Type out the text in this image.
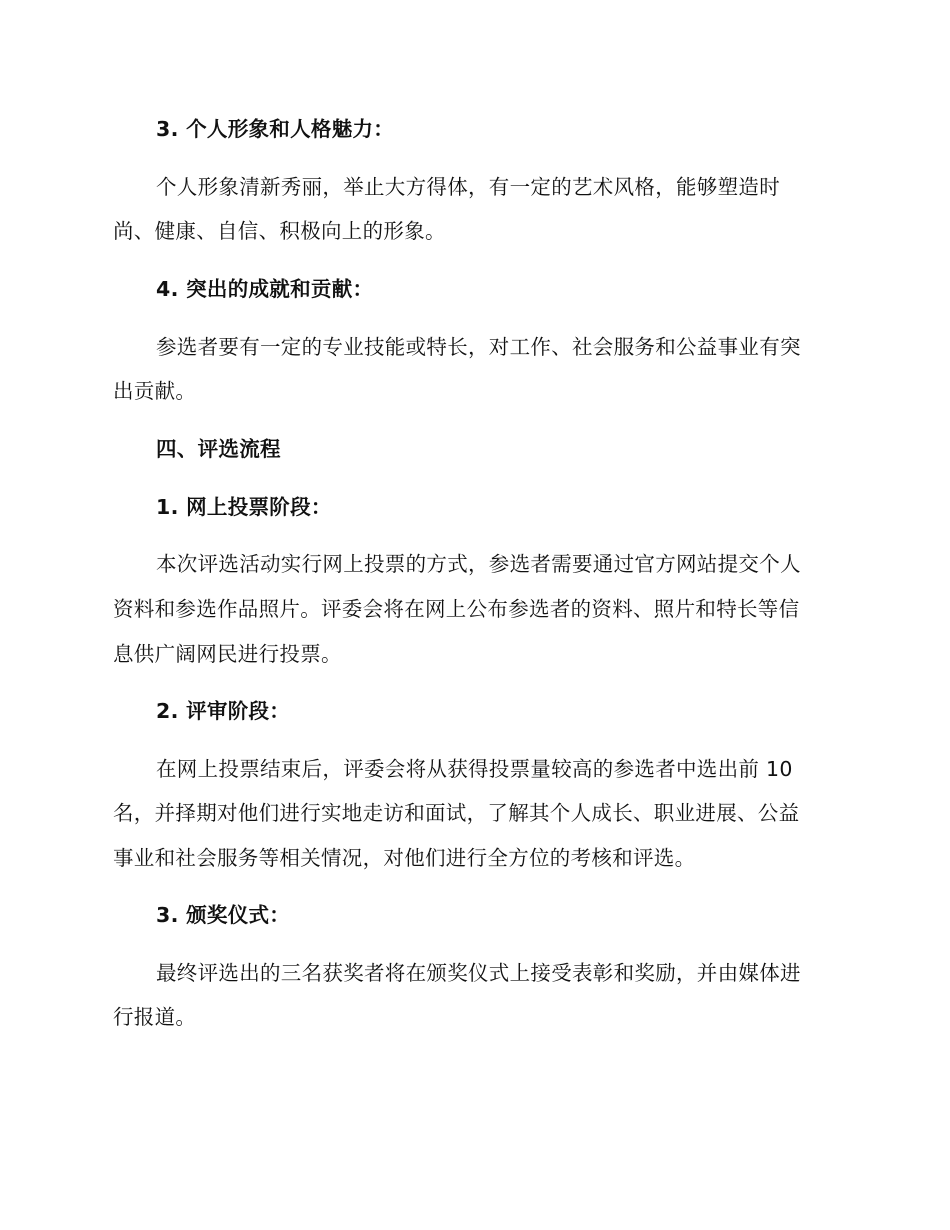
3. 个人形象和人格魅力：
个人形象清新秀丽，举止大方得体，有一定的艺术风格，能够塑造时
尚、健康、自信、积极向上的形象。
4. 突出的成就和贡献：
参选者要有一定的专业技能或特长，对工作、社会服务和公益事业有突
出贡献。
四、评选流程
1. 网上投票阶段：
本次评选活动实行网上投票的方式，参选者需要通过官方网站提交个人
资料和参选作品照片。评委会将在网上公布参选者的资料、照片和特长等信
息供广阔网民进行投票。
2. 评审阶段：
在网上投票结束后，评委会将从获得投票量较高的参选者中选出前 10
名，并择期对他们进行实地走访和面试，了解其个人成长、职业进展、公益
事业和社会服务等相关情况，对他们进行全方位的考核和评选。
3. 颁奖仪式：
最终评选出的三名获奖者将在颁奖仪式上接受表彰和奖励，并由媒体进
行报道。
